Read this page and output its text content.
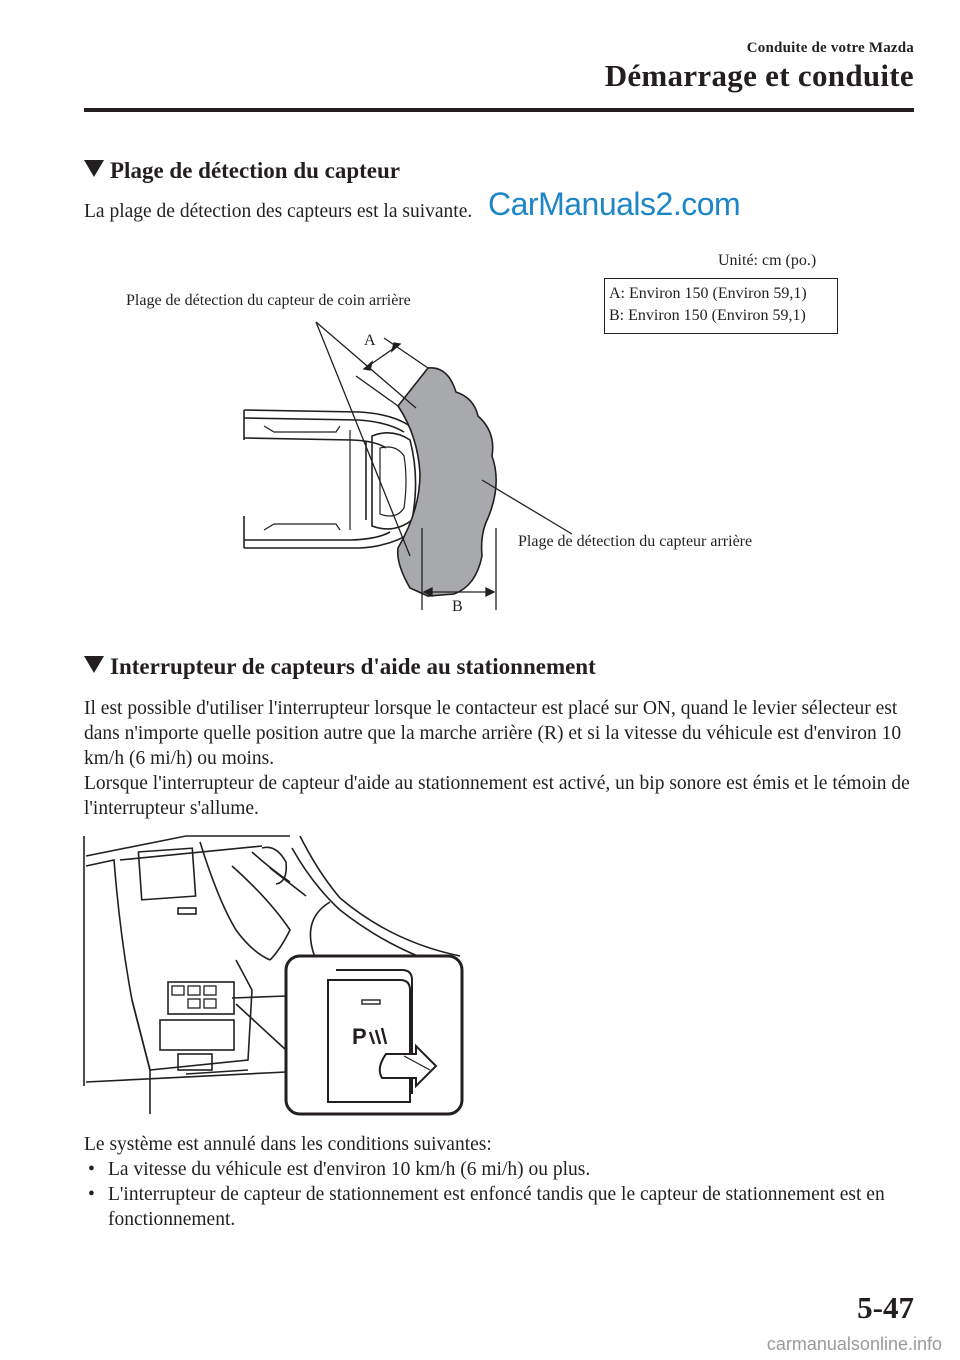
Conduite de votre Mazda
Démarrage et conduite
Plage de détection du capteur
La plage de détection des capteurs est la suivante. CarManuals2.com
P
Unité: cm (po.)
A: Environ 150 (Environ 59,1)
B: Environ 150 (Environ 59,1)
Plage de détection du capteur de coin arrière
A
Plage de détection du capteur arrière
B
Interrupteur de capteurs d'aide au stationnement
Il est possible d'utiliser l'interrupteur lorsque le contacteur est placé sur ON, quand le levier sélecteur est dans n'importe quelle position autre que la marche arrière (R) et si la vitesse du véhicule est d'environ 10 km/h (6 mi/h) ou moins.
Lorsque l'interrupteur de capteur d'aide au stationnement est activé, un bip sonore est émis et le témoin de l'interrupteur s'allume.
Le système est annulé dans les conditions suivantes:
• La vitesse du véhicule est d'environ 10 km/h (6 mi/h) ou plus.
• L'interrupteur de capteur de stationnement est enfoncé tandis que le capteur de stationnement est en fonctionnement.
5-47
carmanualsonline.info
